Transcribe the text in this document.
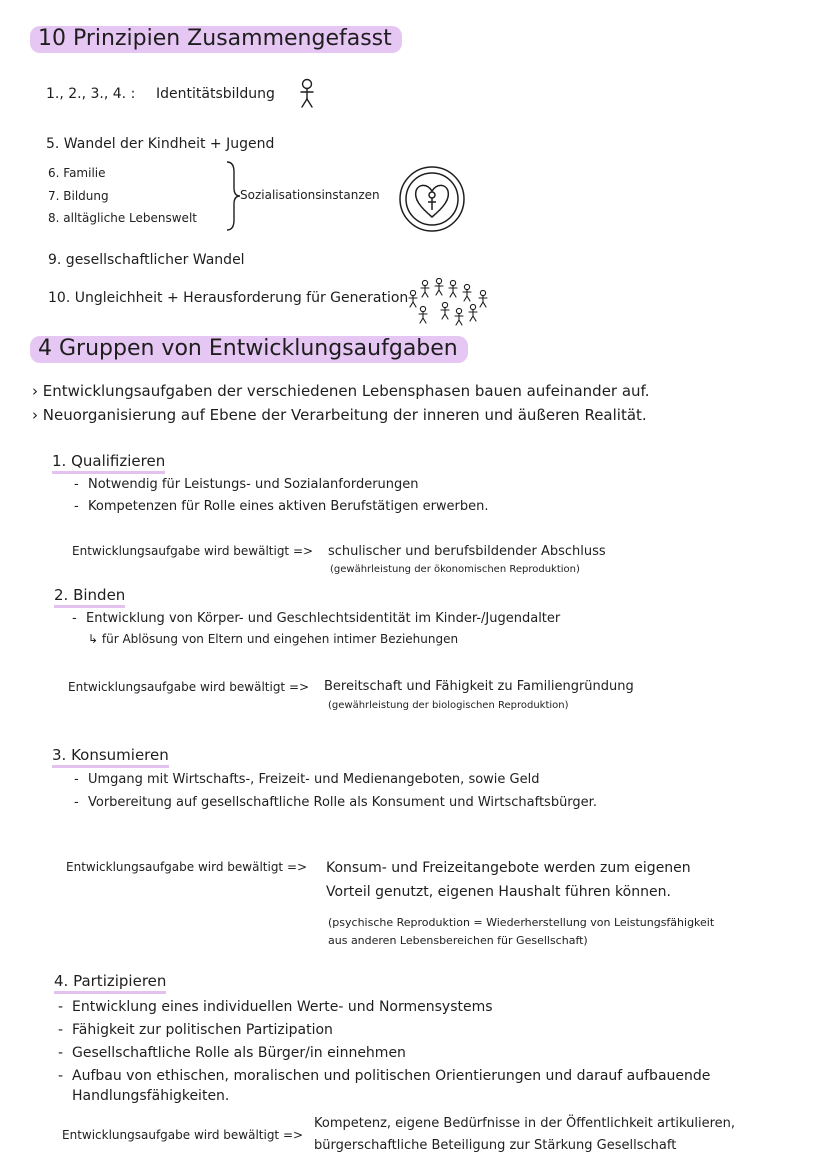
10 Prinzipien Zusammengefasst
1., 2., 3., 4. : Identitätsbildung
5. Wandel der Kindheit + Jugend
6. Familie
7. Bildung
8. alltägliche Lebenswelt
Sozialisationsinstanzen
9. gesellschaftlicher Wandel
10. Ungleichheit + Herausforderung für Generation
4 Gruppen von Entwicklungsaufgaben
› Entwicklungsaufgaben der verschiedenen Lebensphasen bauen aufeinander auf.
› Neuorganisierung auf Ebene der Verarbeitung der inneren und äußeren Realität.
1. Qualifizieren
- Notwendig für Leistungs- und Sozialanforderungen
- Kompetenzen für Rolle eines aktiven Berufstätigen erwerben.
Entwicklungsaufgabe wird bewältigt => schulischer und berufsbildender Abschluss
(gewährleistung der ökonomischen Reproduktion)
2. Binden
- Entwicklung von Körper- und Geschlechtsidentität im Kinder-/Jugendalter
↳ für Ablösung von Eltern und eingehen intimer Beziehungen
Entwicklungsaufgabe wird bewältigt => Bereitschaft und Fähigkeit zu Familiengründung
(gewährleistung der biologischen Reproduktion)
3. Konsumieren
- Umgang mit Wirtschafts-, Freizeit- und Medienangeboten, sowie Geld
- Vorbereitung auf gesellschaftliche Rolle als Konsument und Wirtschaftsbürger.
Entwicklungsaufgabe wird bewältigt => Konsum- und Freizeitangebote werden zum eigenen
Vorteil genutzt, eigenen Haushalt führen können.
(psychische Reproduktion = Wiederherstellung von Leistungsfähigkeit
aus anderen Lebensbereichen für Gesellschaft)
4. Partizipieren
- Entwicklung eines individuellen Werte- und Normensystems
- Fähigkeit zur politischen Partizipation
- Gesellschaftliche Rolle als Bürger/in einnehmen
- Aufbau von ethischen, moralischen und politischen Orientierungen und darauf aufbauende
Handlungsfähigkeiten.
Entwicklungsaufgabe wird bewältigt =>
Kompetenz, eigene Bedürfnisse in der Öffentlichkeit artikulieren,
bürgerschaftliche Beteiligung zur Stärkung Gesellschaft
